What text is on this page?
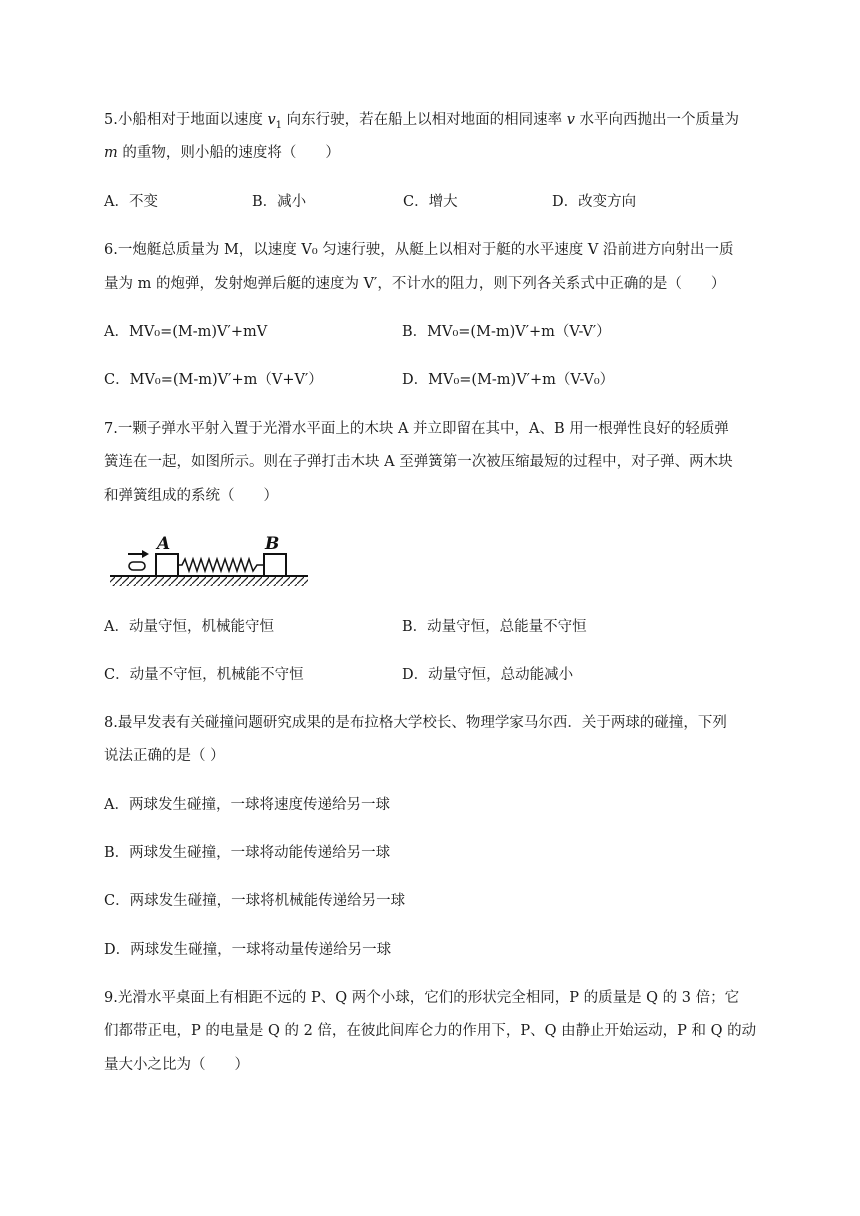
5.小船相对于地面以速度 $v_1$ 向东行驶，若在船上以相对地面的相同速率 v 水平向西抛出一个质量为
m 的重物，则小船的速度将（　　）
A．不变	B．减小	C．增大	D．改变方向
6.一炮艇总质量为 M，以速度 V₀ 匀速行驶，从艇上以相对于艇的水平速度 V 沿前进方向射出一质
量为 m 的炮弹，发射炮弹后艇的速度为 V′，不计水的阻力，则下列各关系式中正确的是（　　）
A．MV₀=(M-m)V′+mV	B．MV₀=(M-m)V′+m（V-V′）
C．MV₀=(M-m)V′+m（V+V′）	D．MV₀=(M-m)V′+m（V-V₀）
7.一颗子弹水平射入置于光滑水平面上的木块 A 并立即留在其中，A、B 用一根弹性良好的轻质弹
簧连在一起，如图所示。则在子弹打击木块 A 至弹簧第一次被压缩最短的过程中，对子弹、两木块
和弹簧组成的系统（　　）
A	B
A．动量守恒，机械能守恒	B．动量守恒，总能量不守恒
C．动量不守恒，机械能不守恒	D．动量守恒，总动能减小
8.最早发表有关碰撞问题研究成果的是布拉格大学校长、物理学家马尔西．关于两球的碰撞，下列
说法正确的是（ ）
A．两球发生碰撞，一球将速度传递给另一球
B．两球发生碰撞，一球将动能传递给另一球
C．两球发生碰撞，一球将机械能传递给另一球
D．两球发生碰撞，一球将动量传递给另一球
9.光滑水平桌面上有相距不远的 P、Q 两个小球，它们的形状完全相同，P 的质量是 Q 的 3 倍；它
们都带正电，P 的电量是 Q 的 2 倍，在彼此间库仑力的作用下，P、Q 由静止开始运动，P 和 Q 的动
量大小之比为（　　）
